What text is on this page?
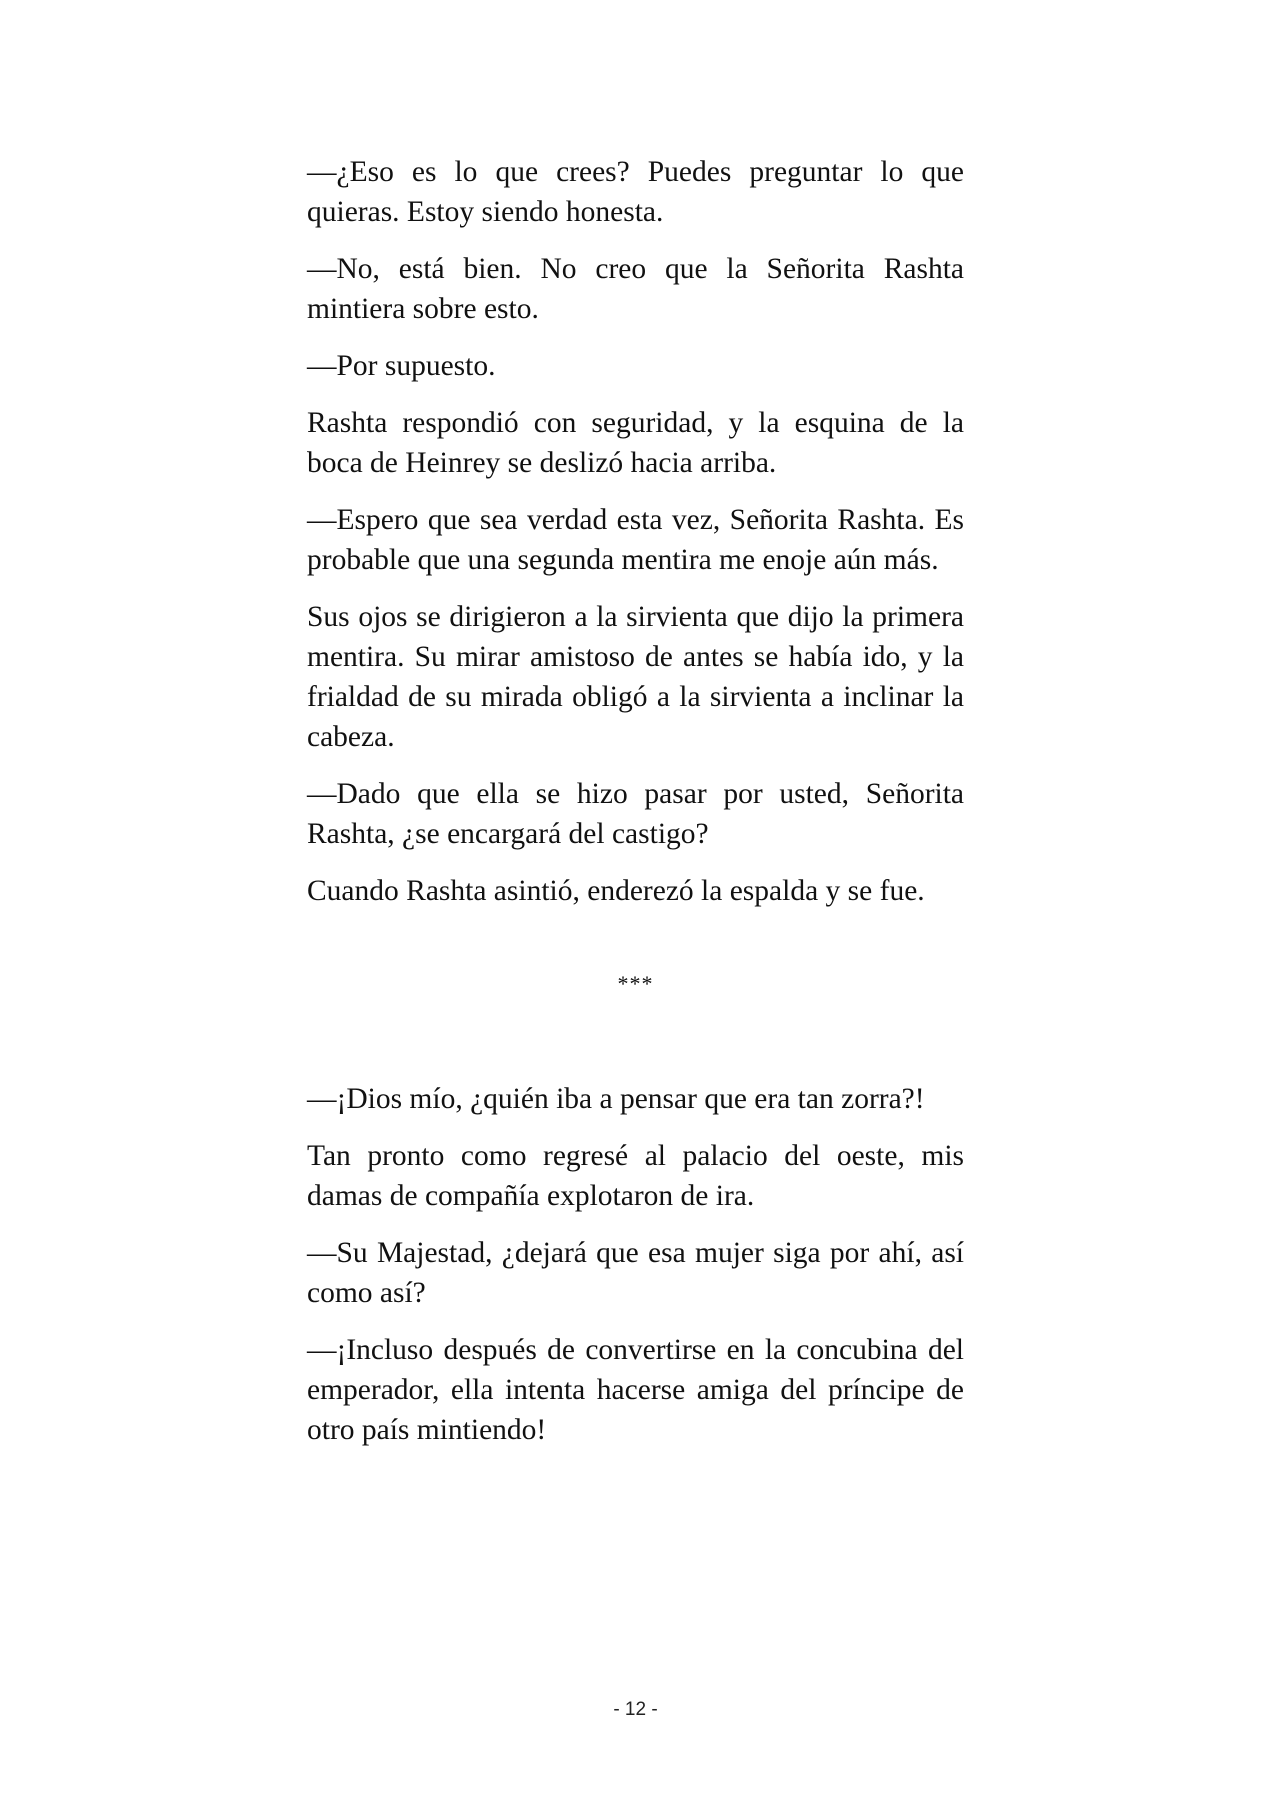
—¿Eso es lo que crees? Puedes preguntar lo que quieras. Estoy siendo honesta.

—No, está bien. No creo que la Señorita Rashta mintiera sobre esto.

—Por supuesto.

Rashta respondió con seguridad, y la esquina de la boca de Heinrey se deslizó hacia arriba.

—Espero que sea verdad esta vez, Señorita Rashta. Es probable que una segunda mentira me enoje aún más.

Sus ojos se dirigieron a la sirvienta que dijo la primera mentira. Su mirar amistoso de antes se había ido, y la frialdad de su mirada obligó a la sirvienta a inclinar la cabeza.

—Dado que ella se hizo pasar por usted, Señorita Rashta, ¿se encargará del castigo?

Cuando Rashta asintió, enderezó la espalda y se fue.

***

—¡Dios mío, ¿quién iba a pensar que era tan zorra?!

Tan pronto como regresé al palacio del oeste, mis damas de compañía explotaron de ira.

—Su Majestad, ¿dejará que esa mujer siga por ahí, así como así?

—¡Incluso después de convertirse en la concubina del emperador, ella intenta hacerse amiga del príncipe de otro país mintiendo!

- 12 -
